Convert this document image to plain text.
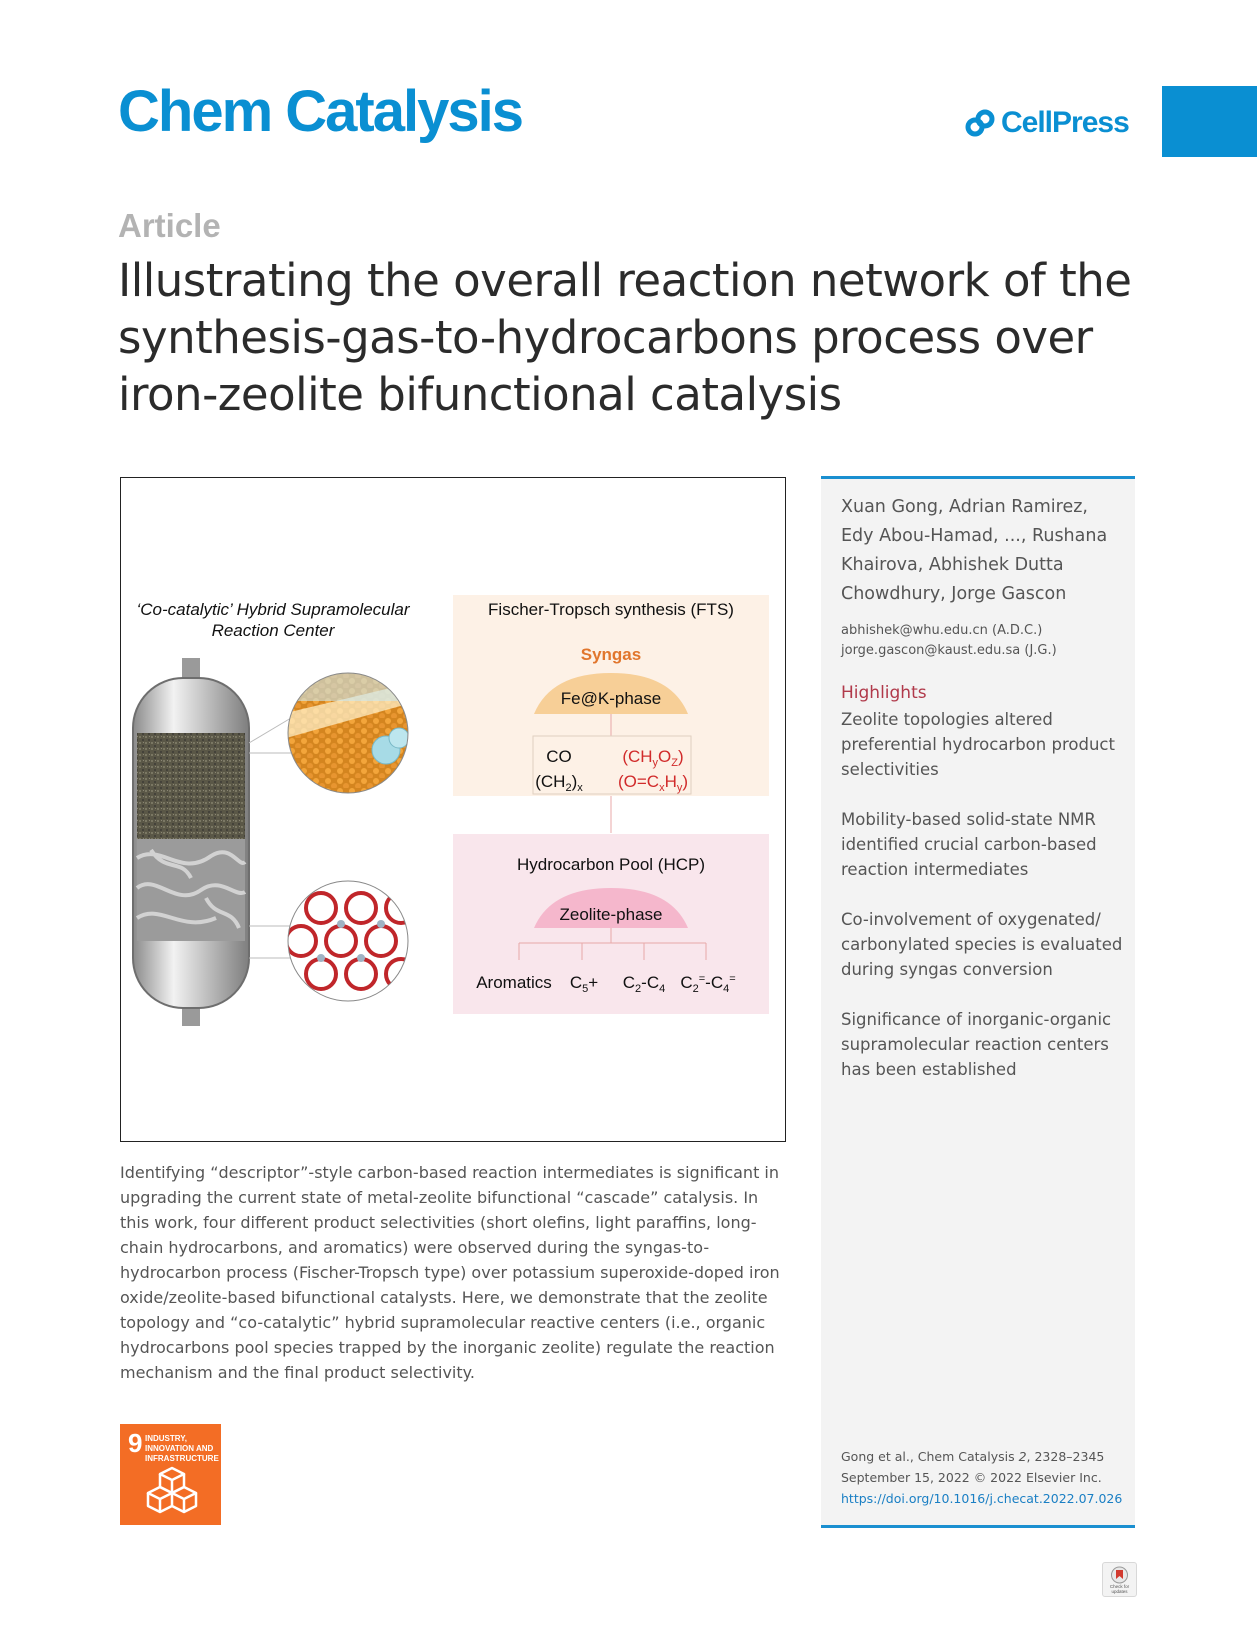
Chem Catalysis	CellPress
Article
Illustrating the overall reaction network of the synthesis-gas-to-hydrocarbons process over iron-zeolite bifunctional catalysis
‘Co-catalytic’ Hybrid Supramolecular
Reaction Center
Fischer-Tropsch synthesis (FTS)
Syngas
Fe@K-phase
CO
$(CH_2)_x$
$(CH_yO_Z)$
$(O=C_xH_y)$
Hydrocarbon Pool (HCP)
Zeolite-phase
Aromatics $C_5+ C_2-C_4$ $C_2^=-C_4^=$
Xuan Gong, Adrian Ramirez, Edy Abou-Hamad, ..., Rushana Khairova, Abhishek Dutta Chowdhury, Jorge Gascon
abhishek@whu.edu.cn (A.D.C.)
jorge.gascon@kaust.edu.sa (J.G.)
Highlights
Zeolite topologies altered preferential hydrocarbon product selectivities
Mobility-based solid-state NMR identified crucial carbon-based reaction intermediates
Co-involvement of oxygenated/ carbonylated species is evaluated during syngas conversion
Significance of inorganic-organic supramolecular reaction centers has been established
Gong et al., Chem Catalysis 2, 2328–2345
September 15, 2022 © 2022 Elsevier Inc.
https://doi.org/10.1016/j.checat.2022.07.026

Identifying “descriptor”-style carbon-based reaction intermediates is significant in upgrading the current state of metal-zeolite bifunctional “cascade” catalysis. In this work, four different product selectivities (short olefins, light paraffins, long-chain hydrocarbons, and aromatics) were observed during the syngas-to-hydrocarbon process (Fischer-Tropsch type) over potassium superoxide-doped iron oxide/zeolite-based bifunctional catalysts. Here, we demonstrate that the zeolite topology and “co-catalytic” hybrid supramolecular reactive centers (i.e., organic hydrocarbons pool species trapped by the inorganic zeolite) regulate the reaction mechanism and the final product selectivity.

9 INDUSTRY, INNOVATION AND INFRASTRUCTURE
Check for
updates
